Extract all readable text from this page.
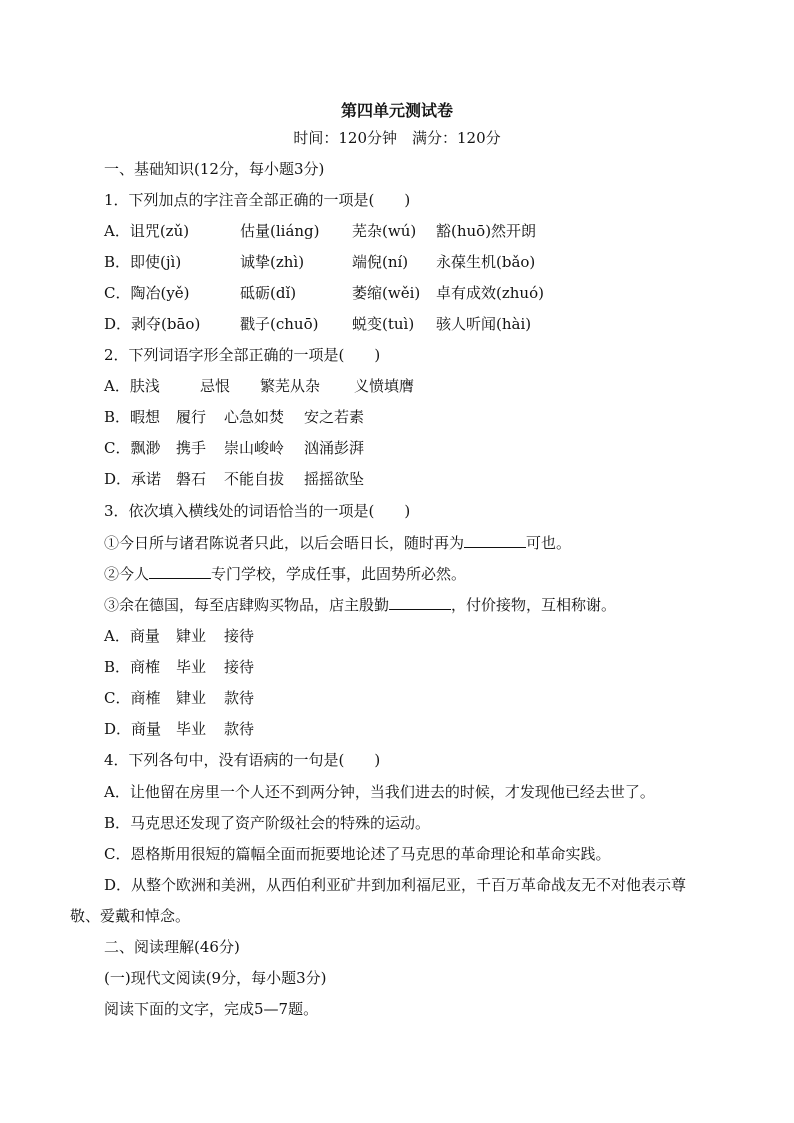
第四单元测试卷
时间：120分钟　满分：120分
一、基础知识(12分，每小题3分)
1．下列加点的字注音全部正确的一项是(　　)
A．诅咒(zǔ)	估量(liáng) 芜杂(wú) 豁(huō)然开朗
B．即使(jì)	诚挚(zhì)	端倪(ní) 永葆生机(bǎo)
C．陶冶(yě)	砥砺(dǐ)	萎缩(wěi) 卓有成效(zhuó)
D．剥夺(bāo)	戳子(chuō) 蜕变(tuì) 骇人听闻(hài)
2．下列词语字形全部正确的一项是(　　)
A．肤浅	忌恨 繁芜从杂 义愤填膺
B．暇想 履行 心急如焚 安之若素
C．飘渺 携手 崇山峻岭 汹涌彭湃
D．承诺 磐石 不能自拔 摇摇欲坠
3．依次填入横线处的词语恰当的一项是(　　)
①今日所与诸君陈说者只此，以后会晤日长，随时再为	可也。
②今人	专门学校，学成任事，此固势所必然。
③余在德国，每至店肆购买物品，店主殷勤	，付价接物，互相称谢。
A．商量 肄业 接待
B．商榷 毕业 接待
C．商榷 肄业 款待
D．商量 毕业 款待
4．下列各句中，没有语病的一句是(　　)
A．让他留在房里一个人还不到两分钟，当我们进去的时候，才发现他已经去世了。
B．马克思还发现了资产阶级社会的特殊的运动。
C．恩格斯用很短的篇幅全面而扼要地论述了马克思的革命理论和革命实践。
D．从整个欧洲和美洲，从西伯利亚矿井到加利福尼亚，千百万革命战友无不对他表示尊
敬、爱戴和悼念。
二、阅读理解(46分)
(一)现代文阅读(9分，每小题3分)
阅读下面的文字，完成5—7题。
